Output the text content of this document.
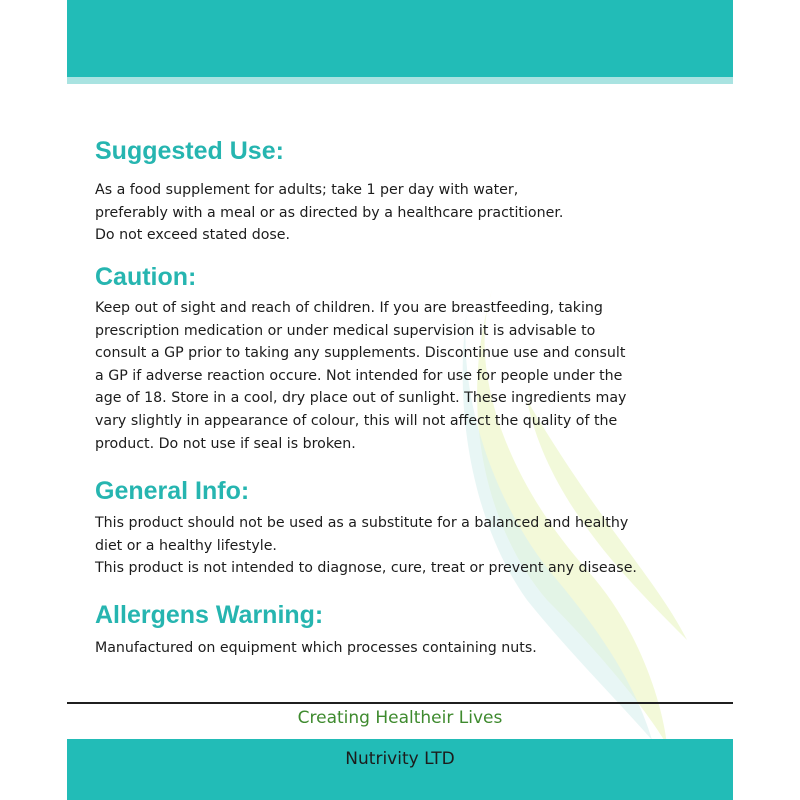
Suggested Use:
As a food supplement for adults; take 1 per day with water,
preferably with a meal or as directed by a healthcare practitioner.
Do not exceed stated dose.
Caution:
Keep out of sight and reach of children. If you are breastfeeding, taking
prescription medication or under medical supervision it is advisable to
consult a GP prior to taking any supplements. Discontinue use and consult
a GP if adverse reaction occure. Not intended for use for people under the
age of 18. Store in a cool, dry place out of sunlight. These ingredients may
vary slightly in appearance of colour, this will not affect the quality of the
product. Do not use if seal is broken.
General Info:
This product should not be used as a substitute for a balanced and healthy
diet or a healthy lifestyle.
This product is not intended to diagnose, cure, treat or prevent any disease.
Allergens Warning:
Manufactured on equipment which processes containing nuts.
Creating Healtheir Lives
Nutrivity LTD
